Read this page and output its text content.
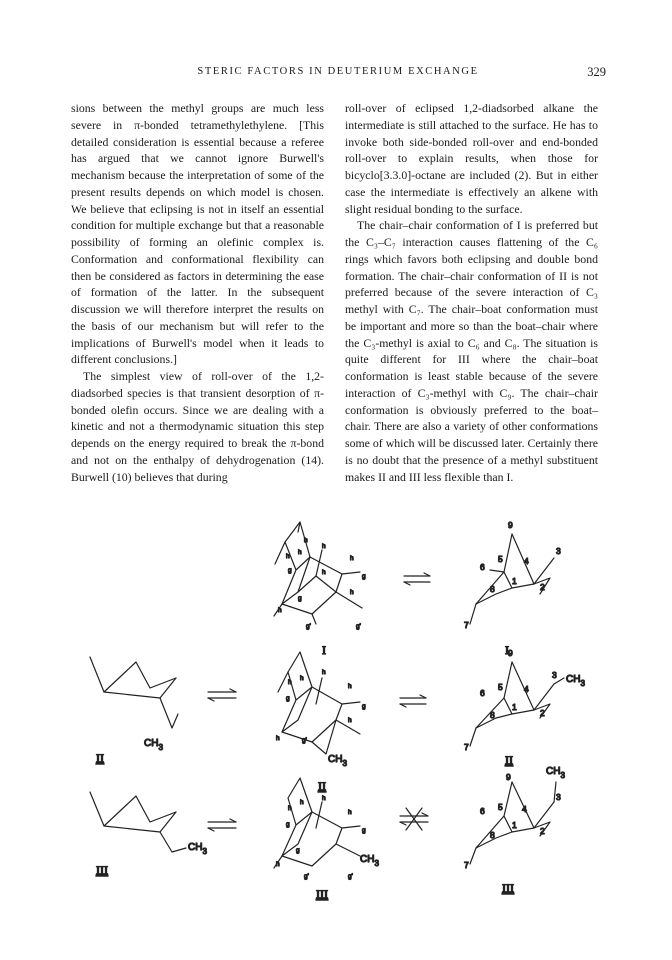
STERIC FACTORS IN DEUTERIUM EXCHANGE	329

sions between the methyl groups are much less severe in π-bonded tetramethylethylene. [This detailed consideration is essential because a referee has argued that we cannot ignore Burwell's mechanism because the interpretation of some of the present results depends on which model is chosen. We believe that eclipsing is not in itself an essential condition for multiple exchange but that a reasonable possibility of forming an olefinic complex is. Conformation and conformational flexibility can then be considered as factors in determining the ease of formation of the latter. In the subsequent discussion we will therefore interpret the results on the basis of our mechanism but will refer to the implications of Burwell's model when it leads to different conclusions.]

The simplest view of roll-over of the 1,2-diadsorbed species is that transient desorption of π-bonded olefin occurs. Since we are dealing with a kinetic and not a thermodynamic situation this step depends on the energy required to break the π-bond and not on the enthalpy of dehydrogenation (14). Burwell (10) believes that during

roll-over of eclipsed 1,2-diadsorbed alkane the intermediate is still attached to the surface. He has to invoke both side-bonded roll-over and end-bonded roll-over to explain results, when those for bicyclo[3.3.0]-octane are included (2). But in either case the intermediate is effectively an alkene with slight residual bonding to the surface.

The chair–chair conformation of I is preferred but the C₃–C₇ interaction causes flattening of the C₆ rings which favors both eclipsing and double bond formation. The chair–chair conformation of II is not preferred because of the severe interaction of C₃ methyl with C₇. The chair–boat conformation must be important and more so than the boat–chair where the C₃-methyl is axial to C₆ and C₈. The situation is quite different for III where the chair–boat conformation is least stable because of the severe interaction of C₃-methyl with C₉. The chair–chair conformation is obviously preferred to the boat–chair. There are also a variety of other conformations some of which will be discussed later. Certainly there is no doubt that the presence of a methyl substituent makes II and III less flexible than I.

h
h
h
h
g	h
g
g
h
h
g'	g'
h
I
9
3
5	4
6
8
1
2
7
I
$CH_3$
II	$CH_3$
h
h
h
h
g
g
h
h	g'
II
$CH_3$
9
3
5	4
6
8
1
2
7
II
$CH_3$
III
$CH_3$
h
h
h
h
g
g
g
h
g'	g'
III
$CH_3$
9
3
5 4
6
8
1
2
7
III
